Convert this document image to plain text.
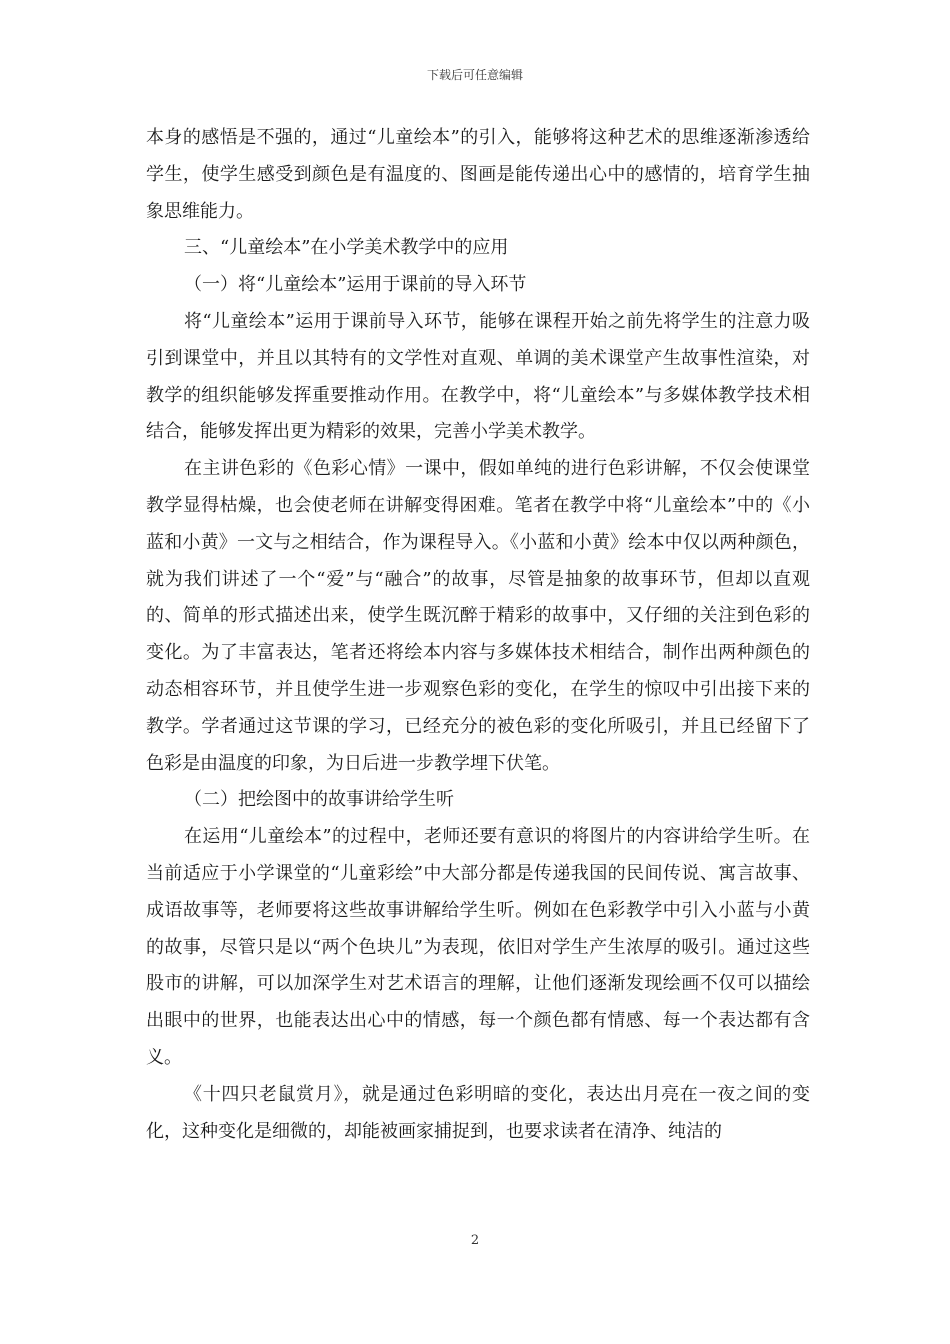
下载后可任意编辑

本身的感悟是不强的，通过“儿童绘本”的引入，能够将这种艺术的思维逐渐渗透给学生，使学生感受到颜色是有温度的、图画是能传递出心中的感情的，培育学生抽象思维能力。

三、“儿童绘本”在小学美术教学中的应用

（一）将“儿童绘本”运用于课前的导入环节

将“儿童绘本”运用于课前导入环节，能够在课程开始之前先将学生的注意力吸引到课堂中，并且以其特有的文学性对直观、单调的美术课堂产生故事性渲染，对教学的组织能够发挥重要推动作用。在教学中，将“儿童绘本”与多媒体教学技术相结合，能够发挥出更为精彩的效果，完善小学美术教学。

在主讲色彩的《色彩心情》一课中，假如单纯的进行色彩讲解，不仅会使课堂教学显得枯燥，也会使老师在讲解变得困难。笔者在教学中将“儿童绘本”中的《小蓝和小黄》一文与之相结合，作为课程导入。《小蓝和小黄》绘本中仅以两种颜色，就为我们讲述了一个“爱”与“融合”的故事，尽管是抽象的故事环节，但却以直观的、简单的形式描述出来，使学生既沉醉于精彩的故事中，又仔细的关注到色彩的变化。为了丰富表达，笔者还将绘本内容与多媒体技术相结合，制作出两种颜色的动态相容环节，并且使学生进一步观察色彩的变化，在学生的惊叹中引出接下来的教学。学者通过这节课的学习，已经充分的被色彩的变化所吸引，并且已经留下了色彩是由温度的印象，为日后进一步教学埋下伏笔。

（二）把绘图中的故事讲给学生听

在运用“儿童绘本”的过程中，老师还要有意识的将图片的内容讲给学生听。在当前适应于小学课堂的“儿童彩绘”中大部分都是传递我国的民间传说、寓言故事、成语故事等，老师要将这些故事讲解给学生听。例如在色彩教学中引入小蓝与小黄的故事，尽管只是以“两个色块儿”为表现，依旧对学生产生浓厚的吸引。通过这些股市的讲解，可以加深学生对艺术语言的理解，让他们逐渐发现绘画不仅可以描绘出眼中的世界，也能表达出心中的情感，每一个颜色都有情感、每一个表达都有含义。

《十四只老鼠赏月》，就是通过色彩明暗的变化，表达出月亮在一夜之间的变化，这种变化是细微的，却能被画家捕捉到，也要求读者在清净、纯洁的

2
